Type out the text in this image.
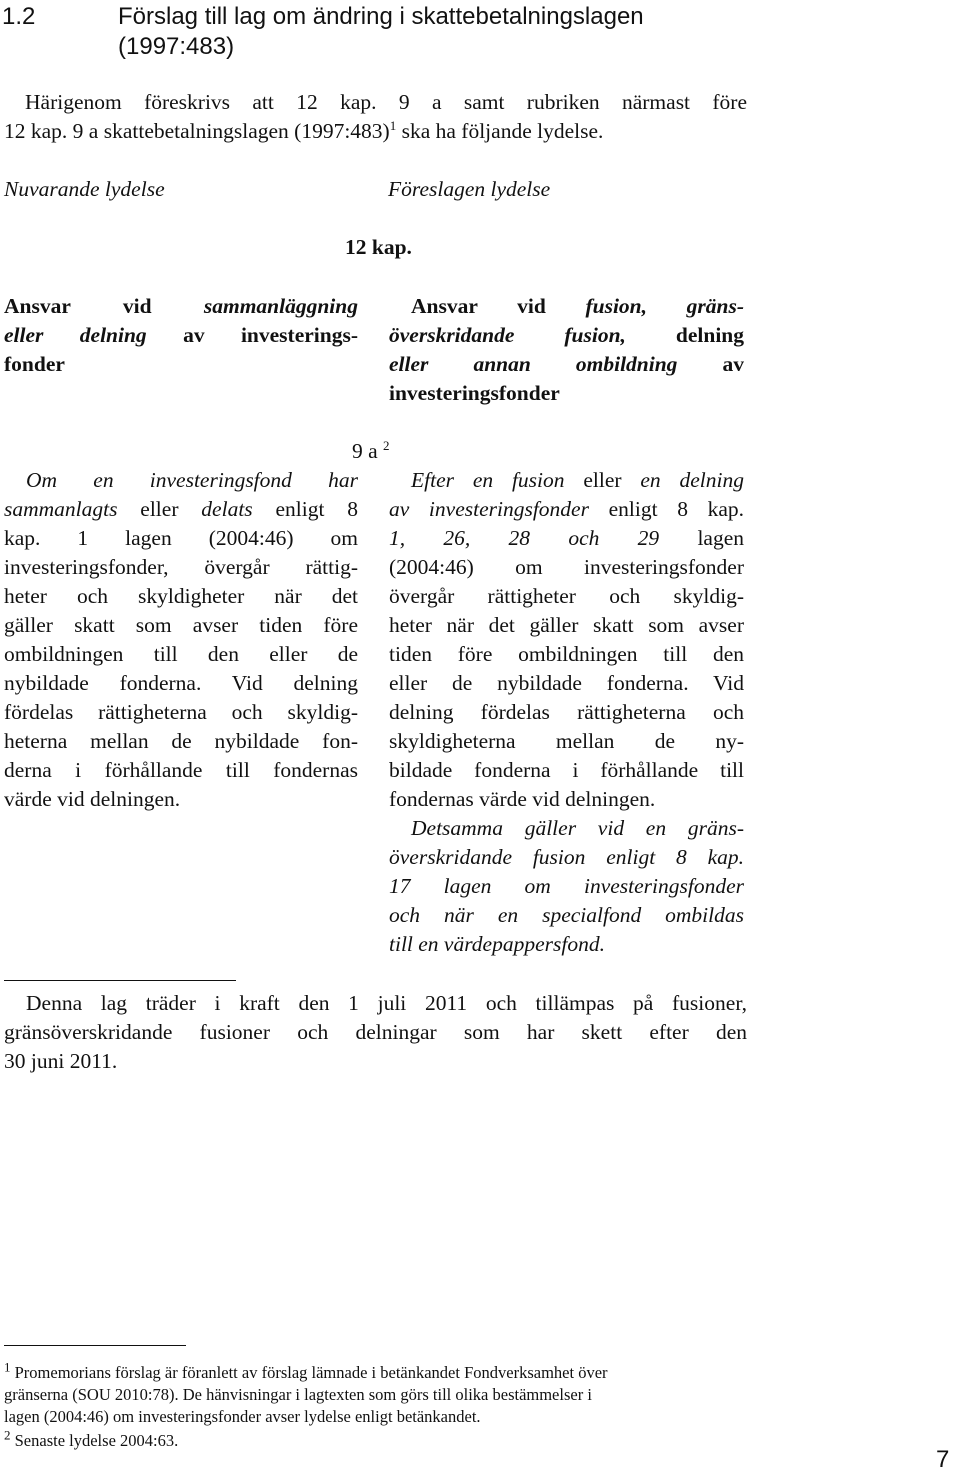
1.2	Förslag till lag om ändring i skattebetalningslagen
(1997:483)
Härigenom föreskrivs att 12 kap. 9 a samt rubriken närmast före
12 kap. 9 a skattebetalningslagen (1997:483)$^1$ ska ha följande lydelse.
Nuvarande lydelse	Föreslagen lydelse
12 kap.
Ansvar vid sammanläggning
eller delning av investerings-
fonder
Ansvar vid fusion, gräns-
överskridande fusion, delning
eller annan ombildning av
investeringsfonder
9 a $^2$
Om en investeringsfond har
sammanlagts eller delats enligt 8
kap. 1 lagen (2004:46) om
investeringsfonder, övergår rättig-
heter och skyldigheter när det
gäller skatt som avser tiden före
ombildningen till den eller de
nybildade fonderna. Vid delning
fördelas rättigheterna och skyldig-
heterna mellan de nybildade fon-
derna i förhållande till fondernas
värde vid delningen.
Efter en fusion eller en delning
av investeringsfonder enligt 8 kap.
1, 26, 28 och 29 lagen
(2004:46) om investeringsfonder
övergår rättigheter och skyldig-
heter när det gäller skatt som avser
tiden före ombildningen till den
eller de nybildade fonderna. Vid
delning fördelas rättigheterna och
skyldigheterna mellan de ny-
bildade fonderna i förhållande till
fondernas värde vid delningen.
Detsamma gäller vid en gräns-
överskridande fusion enligt 8 kap.
17 lagen om investeringsfonder
och när en specialfond ombildas
till en värdepappersfond.
Denna lag träder i kraft den 1 juli 2011 och tillämpas på fusioner,
gränsöverskridande fusioner och delningar som har skett efter den
30 juni 2011.
$^1$ Promemorians förslag är föranlett av förslag lämnade i betänkandet Fondverksamhet över
gränserna (SOU 2010:78). De hänvisningar i lagtexten som görs till olika bestämmelser i
lagen (2004:46) om investeringsfonder avser lydelse enligt betänkandet.
$^2$ Senaste lydelse 2004:63.
7
